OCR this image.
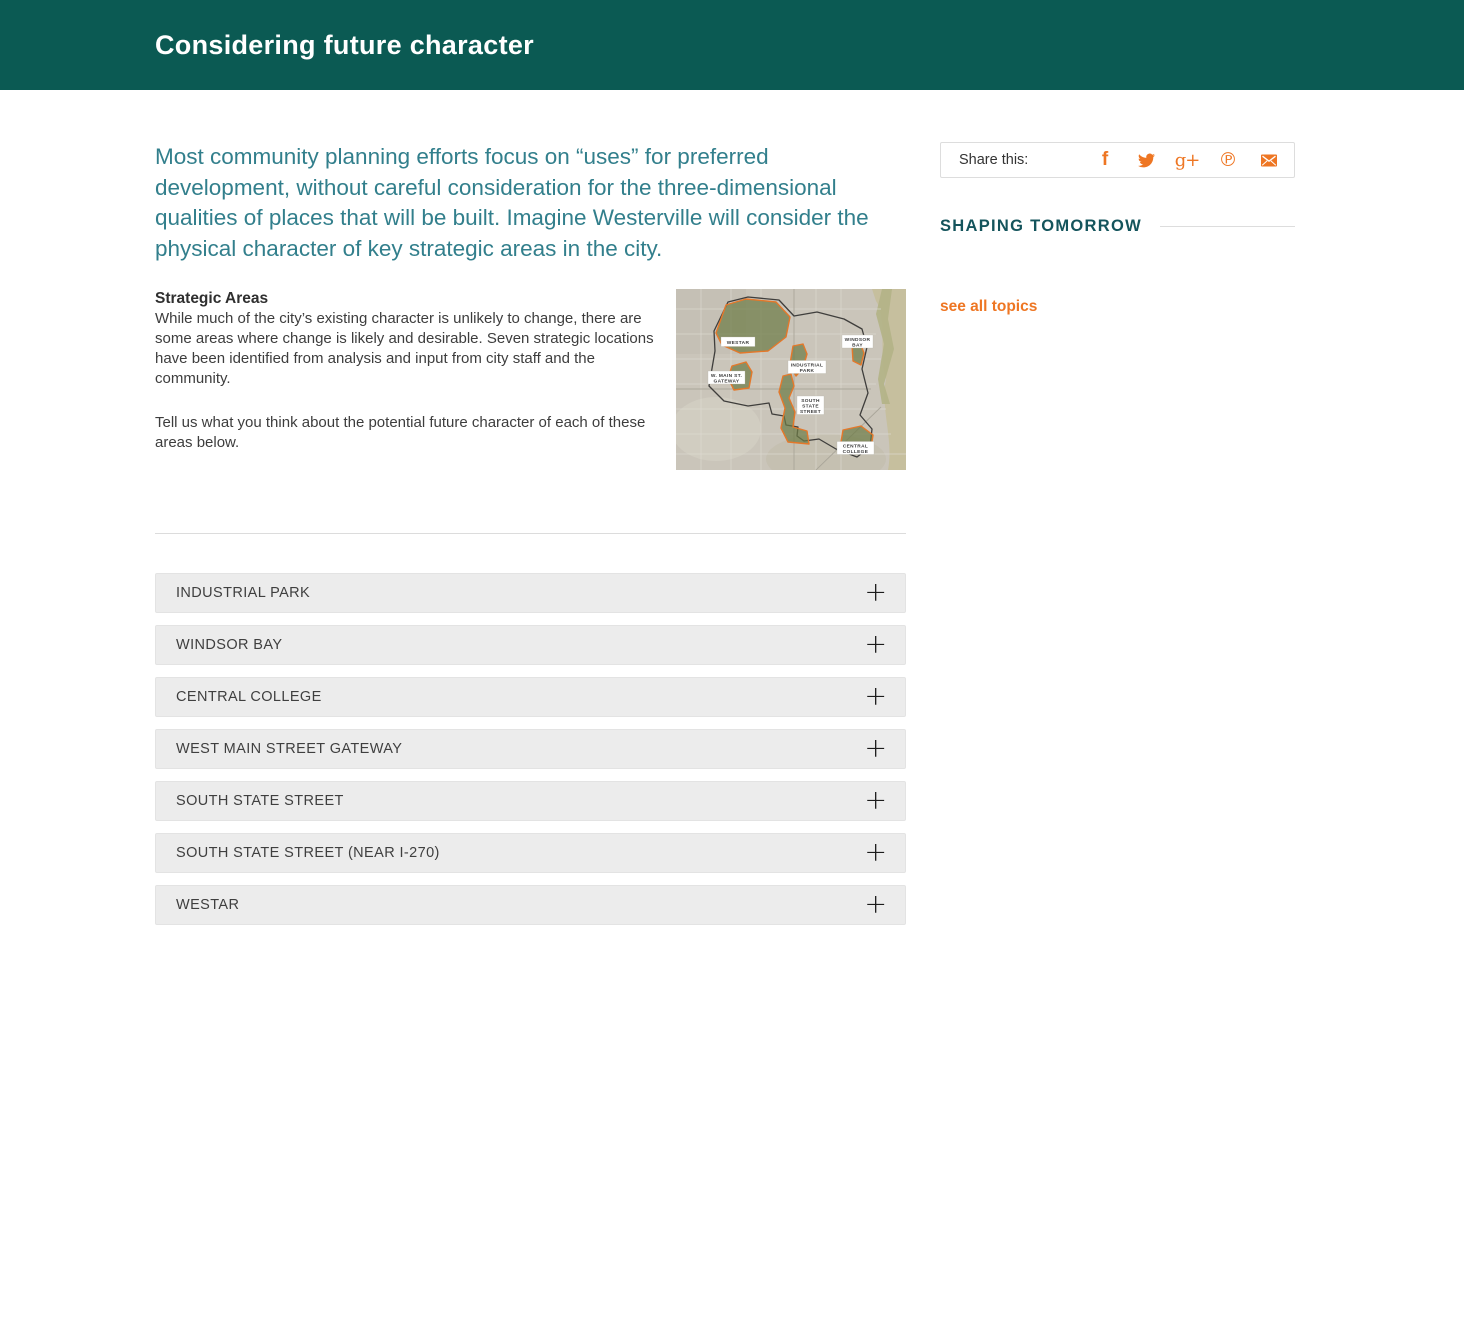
Considering future character

Most community planning efforts focus on “uses” for preferred development, without careful consideration for the three-dimensional qualities of places that will be built. Imagine Westerville will consider the physical character of key strategic areas in the city.

Strategic Areas

While much of the city’s existing character is unlikely to change, there are some areas where change is likely and desirable. Seven strategic locations have been identified from analysis and input from city staff and the community.

Tell us what you think about the potential future character of each of these areas below.

WESTAR
WINDSOR BAY
INDUSTRIAL PARK
W. MAIN ST. GATEWAY
SOUTH STATE STREET
CENTRAL COLLEGE
INDUSTRIAL PARK	+
WINDSOR BAY	+
CENTRAL COLLEGE	+
WEST MAIN STREET GATEWAY	+
SOUTH STATE STREET	+
SOUTH STATE STREET (NEAR I-270)	+
WESTAR	+
Share this:	f	g+ ℗
SHAPING TOMORROW
see all topics
